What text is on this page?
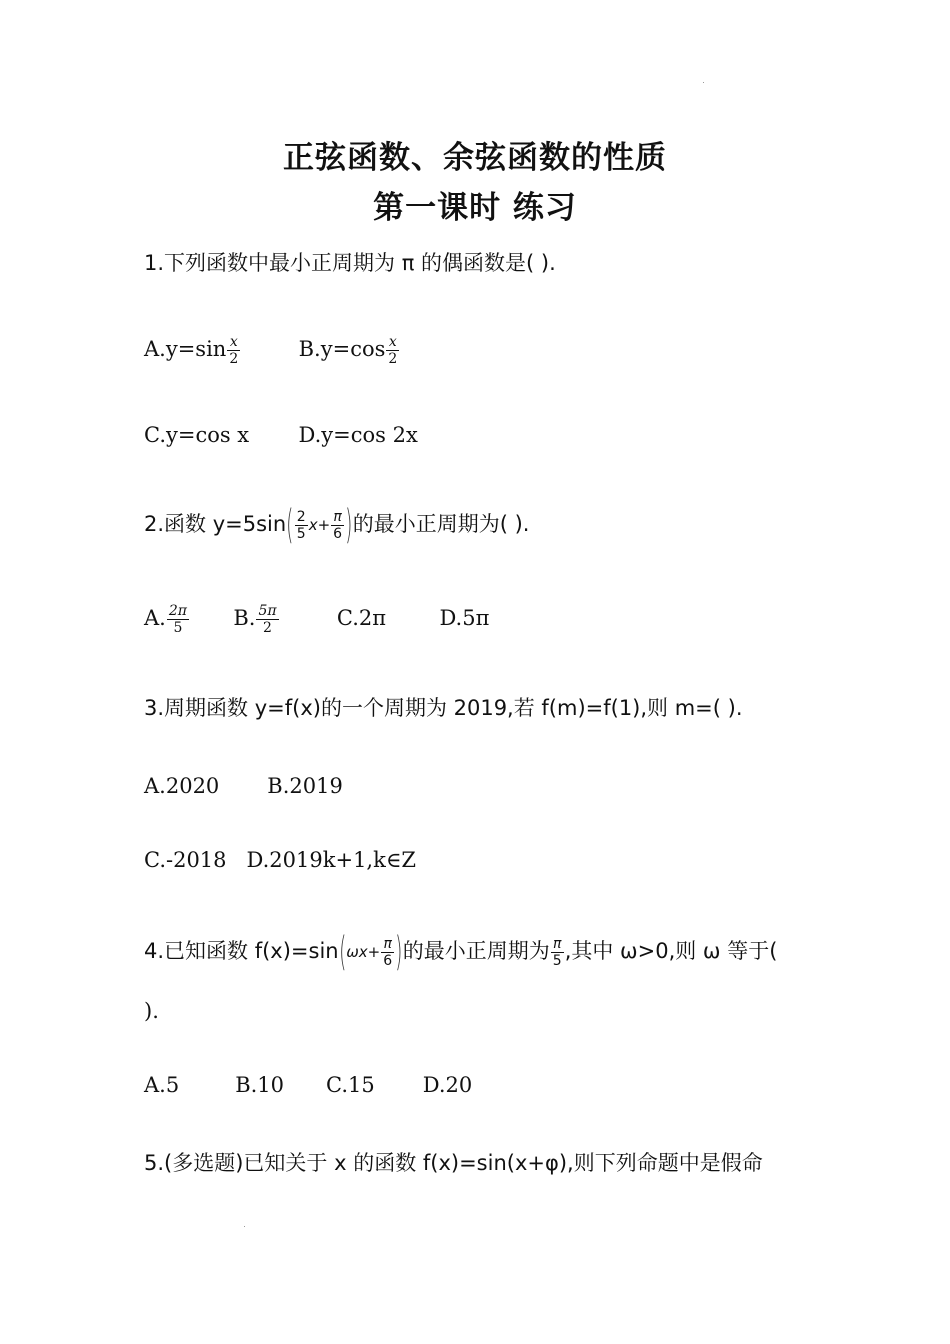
正弦函数、余弦函数的性质
第一课时 练习
1.下列函数中最小正周期为 π 的偶函数是( ).
$A.y=\sin \frac{x}{2}$	$B.y=\cos \frac{x}{2}$
C.y=cos x D.y=cos 2x
2.函数 $y=5\sin( \frac{2}{5} x+ \frac{\pi}{6}$ )的最小正周期为( ).
A. $\frac{2\pi}{5} B$. $\frac{5\pi}{2}$	C.2π	D.5π
3.周期函数 y=f(x)的一个周期为 2019,若 f(m)=f(1),则 m=( ).
A.2020 B.2019
C.-2018 D.2019k+1,k∈Z
4.已知函数 $f(x)=\sin(\omega x+ \frac{\pi}{6}$ )的最小正周期为 $\frac{\pi}{5}$ ,其中 ω>0,则 ω 等于(
).
A.5	B.10 C.15 D.20
5.(多选题)已知关于 x 的函数 f(x)=sin(x+φ),则下列命题中是假命
